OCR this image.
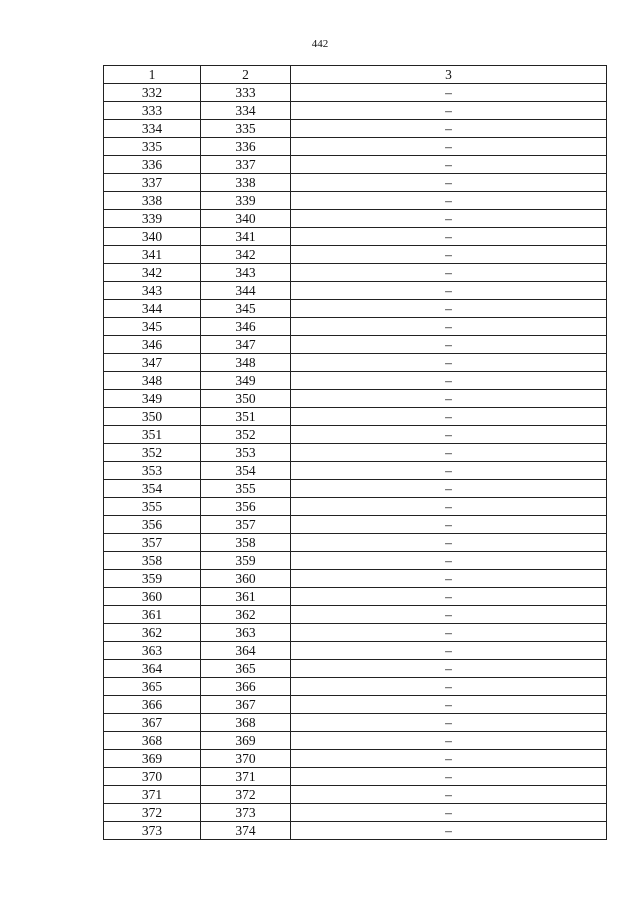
442
1	2	3
332	333	–
333	334	–
334	335	–
335	336	–
336	337	–
337	338	–
338	339	–
339	340	–
340	341	–
341	342	–
342	343	–
343	344	–
344	345	–
345	346	–
346	347	–
347	348	–
348	349	–
349	350	–
350	351	–
351	352	–
352	353	–
353	354	–
354	355	–
355	356	–
356	357	–
357	358	–
358	359	–
359	360	–
360	361	–
361	362	–
362	363	–
363	364	–
364	365	–
365	366	–
366	367	–
367	368	–
368	369	–
369	370	–
370	371	–
371	372	–
372	373	–
373	374	–
